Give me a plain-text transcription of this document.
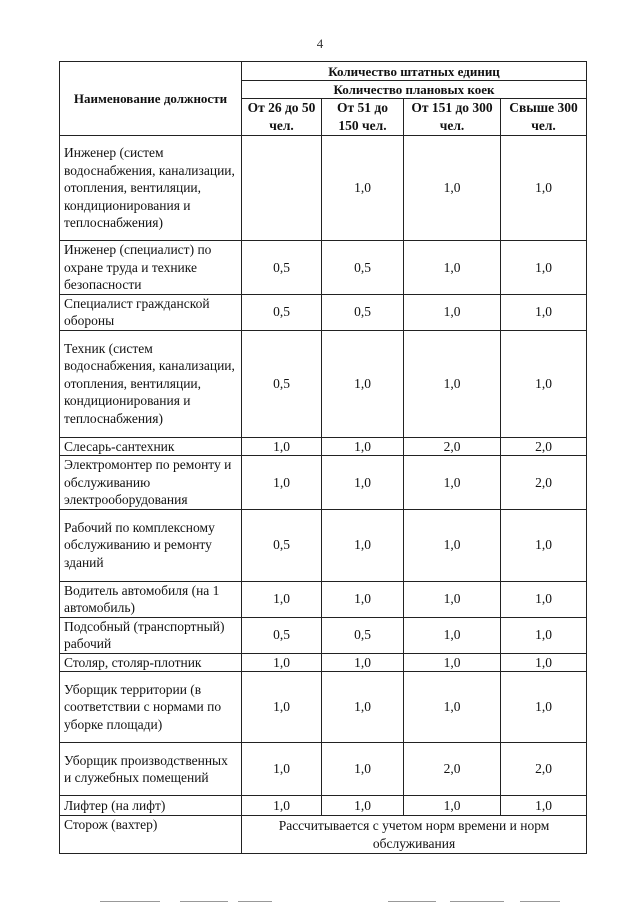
4
Наименование должности	Количество штатных единиц			
	Количество плановых коек			
	От 26 до 50 чел.	От 51 до 150 чел.	От 151 до 300 чел.	Свыше 300 чел.
Инженер (систем водоснабжения, канализации, отопления, вентиляции, кондиционирования и теплоснабжения)		1,0	1,0	1,0
Инженер (специалист) по охране труда и технике безопасности	0,5	0,5	1,0	1,0
Специалист гражданской обороны	0,5	0,5	1,0	1,0
Техник (систем водоснабжения, канализации, отопления, вентиляции, кондиционирования и теплоснабжения)	0,5	1,0	1,0	1,0
Слесарь-сантехник	1,0	1,0	2,0	2,0
Электромонтер по ремонту и обслуживанию электрооборудования	1,0	1,0	1,0	2,0
Рабочий по комплексному обслуживанию и ремонту зданий	0,5	1,0	1,0	1,0
Водитель автомобиля (на 1 автомобиль)	1,0	1,0	1,0	1,0
Подсобный (транспортный) рабочий	0,5	0,5	1,0	1,0
Столяр, столяр-плотник	1,0	1,0	1,0	1,0
Уборщик территории (в соответствии с нормами по уборке площади)	1,0	1,0	1,0	1,0
Уборщик производственных и служебных помещений	1,0	1,0	2,0	2,0
Лифтер (на лифт)	1,0	1,0	1,0	1,0
Сторож (вахтер)	Рассчитывается с учетом норм времени и норм обслуживания			
